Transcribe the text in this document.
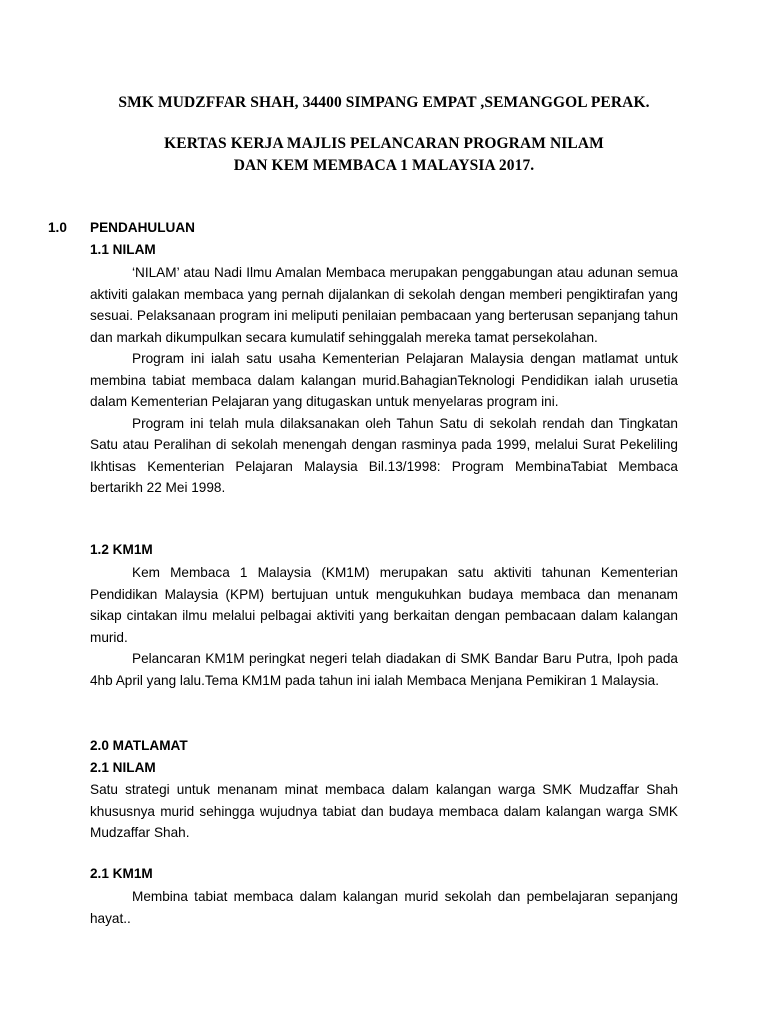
SMK MUDZFFAR SHAH, 34400 SIMPANG EMPAT ,SEMANGGOL PERAK.
KERTAS KERJA MAJLIS PELANCARAN PROGRAM NILAM
DAN KEM MEMBACA 1 MALAYSIA 2017.
1.0 PENDAHULUAN
1.1 NILAM

‘NILAM’ atau Nadi Ilmu Amalan Membaca merupakan penggabungan atau adunan semua aktiviti galakan membaca yang pernah dijalankan di sekolah dengan memberi pengiktirafan yang sesuai. Pelaksanaan program ini meliputi penilaian pembacaan yang berterusan sepanjang tahun dan markah dikumpulkan secara kumulatif sehinggalah mereka tamat persekolahan.

Program ini ialah satu usaha Kementerian Pelajaran Malaysia dengan matlamat untuk membina tabiat membaca dalam kalangan murid.BahagianTeknologi Pendidikan ialah urusetia dalam Kementerian Pelajaran yang ditugaskan untuk menyelaras program ini.

Program ini telah mula dilaksanakan oleh Tahun Satu di sekolah rendah dan Tingkatan Satu atau Peralihan di sekolah menengah dengan rasminya pada 1999, melalui Surat Pekeliling Ikhtisas Kementerian Pelajaran Malaysia Bil.13/1998: Program MembinaTabiat Membaca bertarikh 22 Mei 1998.

1.2 KM1M

Kem Membaca 1 Malaysia (KM1M) merupakan satu aktiviti tahunan Kementerian Pendidikan Malaysia (KPM) bertujuan untuk mengukuhkan budaya membaca dan menanam sikap cintakan ilmu melalui pelbagai aktiviti yang berkaitan dengan pembacaan dalam kalangan murid.

Pelancaran KM1M peringkat negeri telah diadakan di SMK Bandar Baru Putra, Ipoh pada 4hb April yang lalu.Tema KM1M pada tahun ini ialah Membaca Menjana Pemikiran 1 Malaysia.

2.0 MATLAMAT
2.1 NILAM

Satu strategi untuk menanam minat membaca dalam kalangan warga SMK Mudzaffar Shah khususnya murid sehingga wujudnya tabiat dan budaya membaca dalam kalangan warga SMK Mudzaffar Shah.

2.1 KM1M

Membina tabiat membaca dalam kalangan murid sekolah dan pembelajaran sepanjang hayat..
